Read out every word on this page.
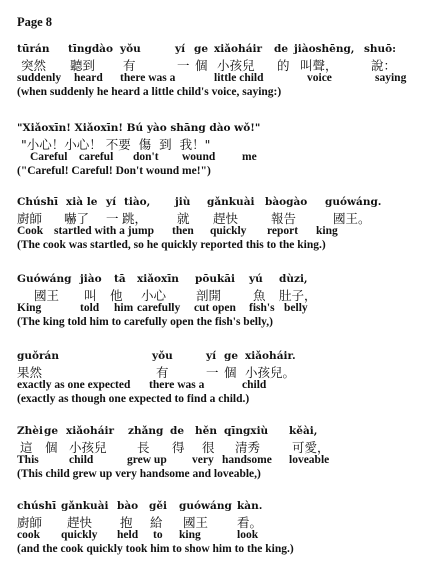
Page 8
tūrán tīngdào yǒu	yí ge xiǎoháir de jiàoshēng, shuō:
突然 聽到 有	一 個 小孩兒 的 叫聲，	說：
suddenly heard there was a	little child	voice	saying
(when suddenly he heard a little child's voice, saying:)
"Xiǎoxīn! Xiǎoxīn! Bú yào shāng dào wǒ!"
"小心！小心！ 不要  傷  到  我！"
Careful careful don't wound me
("Careful! Careful! Don't wound me!")
Chúshī xià le yí tiào, jiù gǎnkuài bàogào guówáng.
廚師 嚇了 一 跳， 就 趕快	報告	國王。
Cook startled with a jump then quickly report king
(The cook was startled, so he quickly reported this to the king.)
Guówáng jiào tā xiǎoxīn pōukāi yú dùzi,
國王 叫 他 小心 剖開	魚 肚子，
King	told him carefully cut open fish's belly
(The king told him to carefully open the fish's belly,)
guǒrán	yǒu	yí ge xiǎoháir.
果然	有	一 個 小孩兒。
exactly as one expected there was a	child
(exactly as though one expected to find a child.)
Zhèi ge xiǎoháir zhǎng de hěn qīngxiù kěài,
這 個 小孩兒 長 得 很 清秀	可愛，
This	child	grew up very handsome loveable
(This child grew up very handsome and loveable,)
chúshī gǎnkuài bào gěi guówáng kàn.
廚師 趕快 抱 給 國王 看。
cook quickly held to king	look
(and the cook quickly took him to show him to the king.)
